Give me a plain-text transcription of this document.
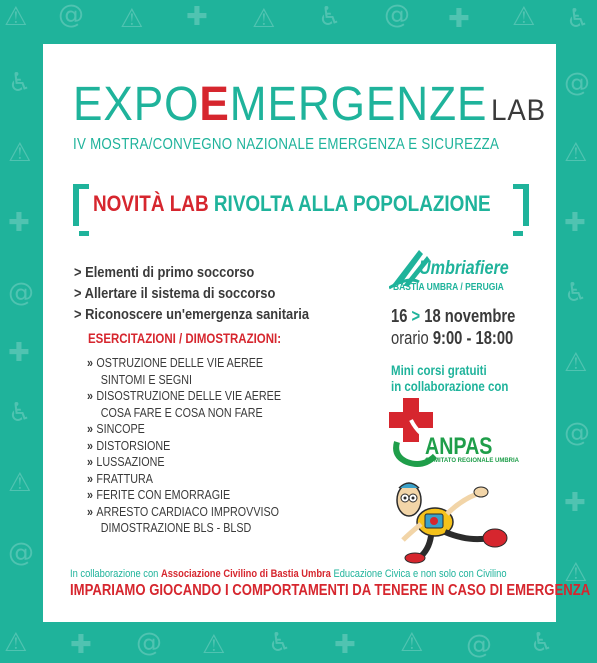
⚠ @ ⚠ ✚ ⚠ ♿ @ ✚ ⚠ ♿
♿
⚠
✚
@
✚
♿
⚠
@
@
⚠
✚
♿
⚠
@
✚
⚠
⚠ ✚ @ ⚠ ♿ ✚ ⚠ @ ♿
EXPOEMERGENZE LAB
IV MOSTRA/CONVEGNO NAZIONALE EMERGENZA E SICUREZZA
NOVITÀ LAB RIVOLTA ALLA POPOLAZIONE
> Elementi di primo soccorso
> Allertare il sistema di soccorso
> Riconoscere un'emergenza sanitaria
ESERCITAZIONI / DIMOSTRAZIONI:
» OSTRUZIONE DELLE VIE AEREE
SINTOMI E SEGNI
» DISOSTRUZIONE DELLE VIE AEREE
COSA FARE E COSA NON FARE
» SINCOPE
» DISTORSIONE
» LUSSAZIONE
» FRATTURA
» FERITE CON EMORRAGIE
» ARRESTO CARDIACO IMPROVVISO
DIMOSTRAZIONE BLS - BLSD
Umbriafiere
BASTIA UMBRA / PERUGIA
16 > 18 novembre
orario 9:00 - 18:00
Mini corsi gratuiti
in collaborazione con
ANPAS
COMITATO REGIONALE UMBRIA
In collaborazione con Associazione Civilino di Bastia Umbra Educazione Civica e non solo con Civilino
IMPARIAMO GIOCANDO I COMPORTAMENTI DA TENERE IN CASO DI EMERGENZA
